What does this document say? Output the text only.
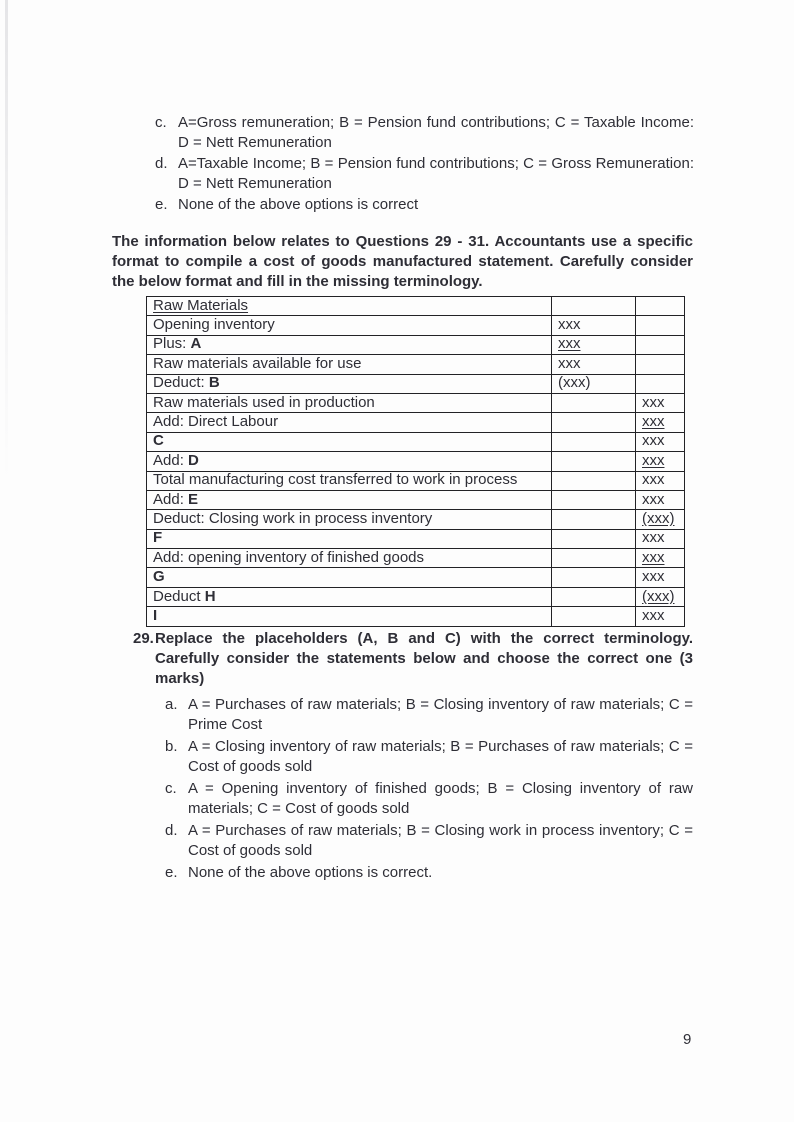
c. A=Gross remuneration; B = Pension fund contributions; C = Taxable Income: D = Nett Remuneration
d. A=Taxable Income; B = Pension fund contributions; C = Gross Remuneration: D = Nett Remuneration
e. None of the above options is correct
The information below relates to Questions 29 - 31. Accountants use a specific format to compile a cost of goods manufactured statement. Carefully consider the below format and fill in the missing terminology.
Raw Materials		
Opening inventory	xxx	
Plus: A	xxx	
Raw materials available for use	xxx	
Deduct: B	(xxx)	
Raw materials used in production		xxx
Add: Direct Labour		xxx
C		xxx
Add: D		xxx
Total manufacturing cost transferred to work in process		xxx
Add: E		xxx
Deduct: Closing work in process inventory		(xxx)
F		xxx
Add: opening inventory of finished goods		xxx
G		xxx
Deduct H		(xxx)
I		xxx
29. Replace the placeholders (A, B and C) with the correct terminology. Carefully consider the statements below and choose the correct one (3 marks)
a. A = Purchases of raw materials; B = Closing inventory of raw materials; C = Prime Cost
b. A = Closing inventory of raw materials; B = Purchases of raw materials; C = Cost of goods sold
c. A = Opening inventory of finished goods; B = Closing inventory of raw materials; C = Cost of goods sold
d. A = Purchases of raw materials; B = Closing work in process inventory; C = Cost of goods sold
e. None of the above options is correct.
9
